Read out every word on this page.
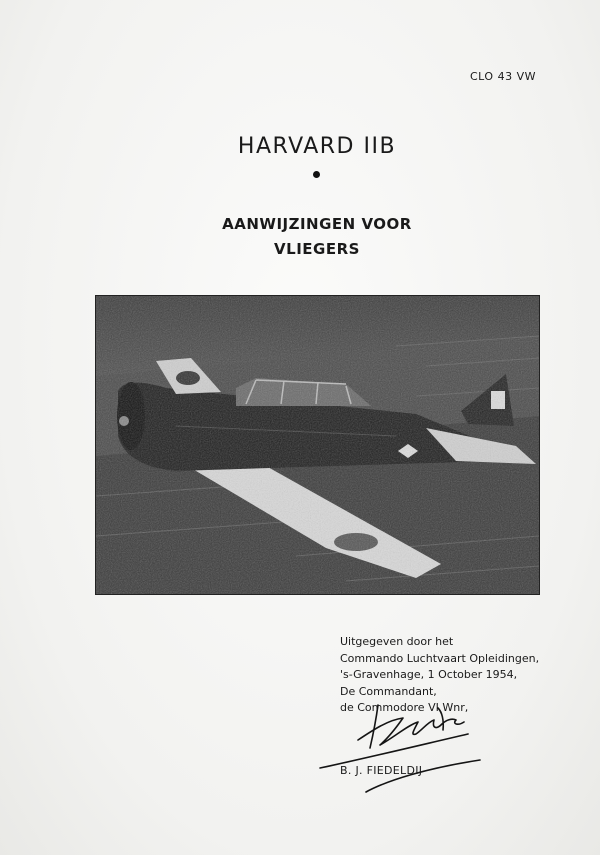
CLO 43 VW
HARVARD IIB
AANWIJZINGEN VOOR
VLIEGERS
Uitgegeven door het
Commando Luchtvaart Opleidingen,
's-Gravenhage, 1 October 1954,
De Commandant,
de Commodore VI Wnr,
B. J. FIEDELDIJ
